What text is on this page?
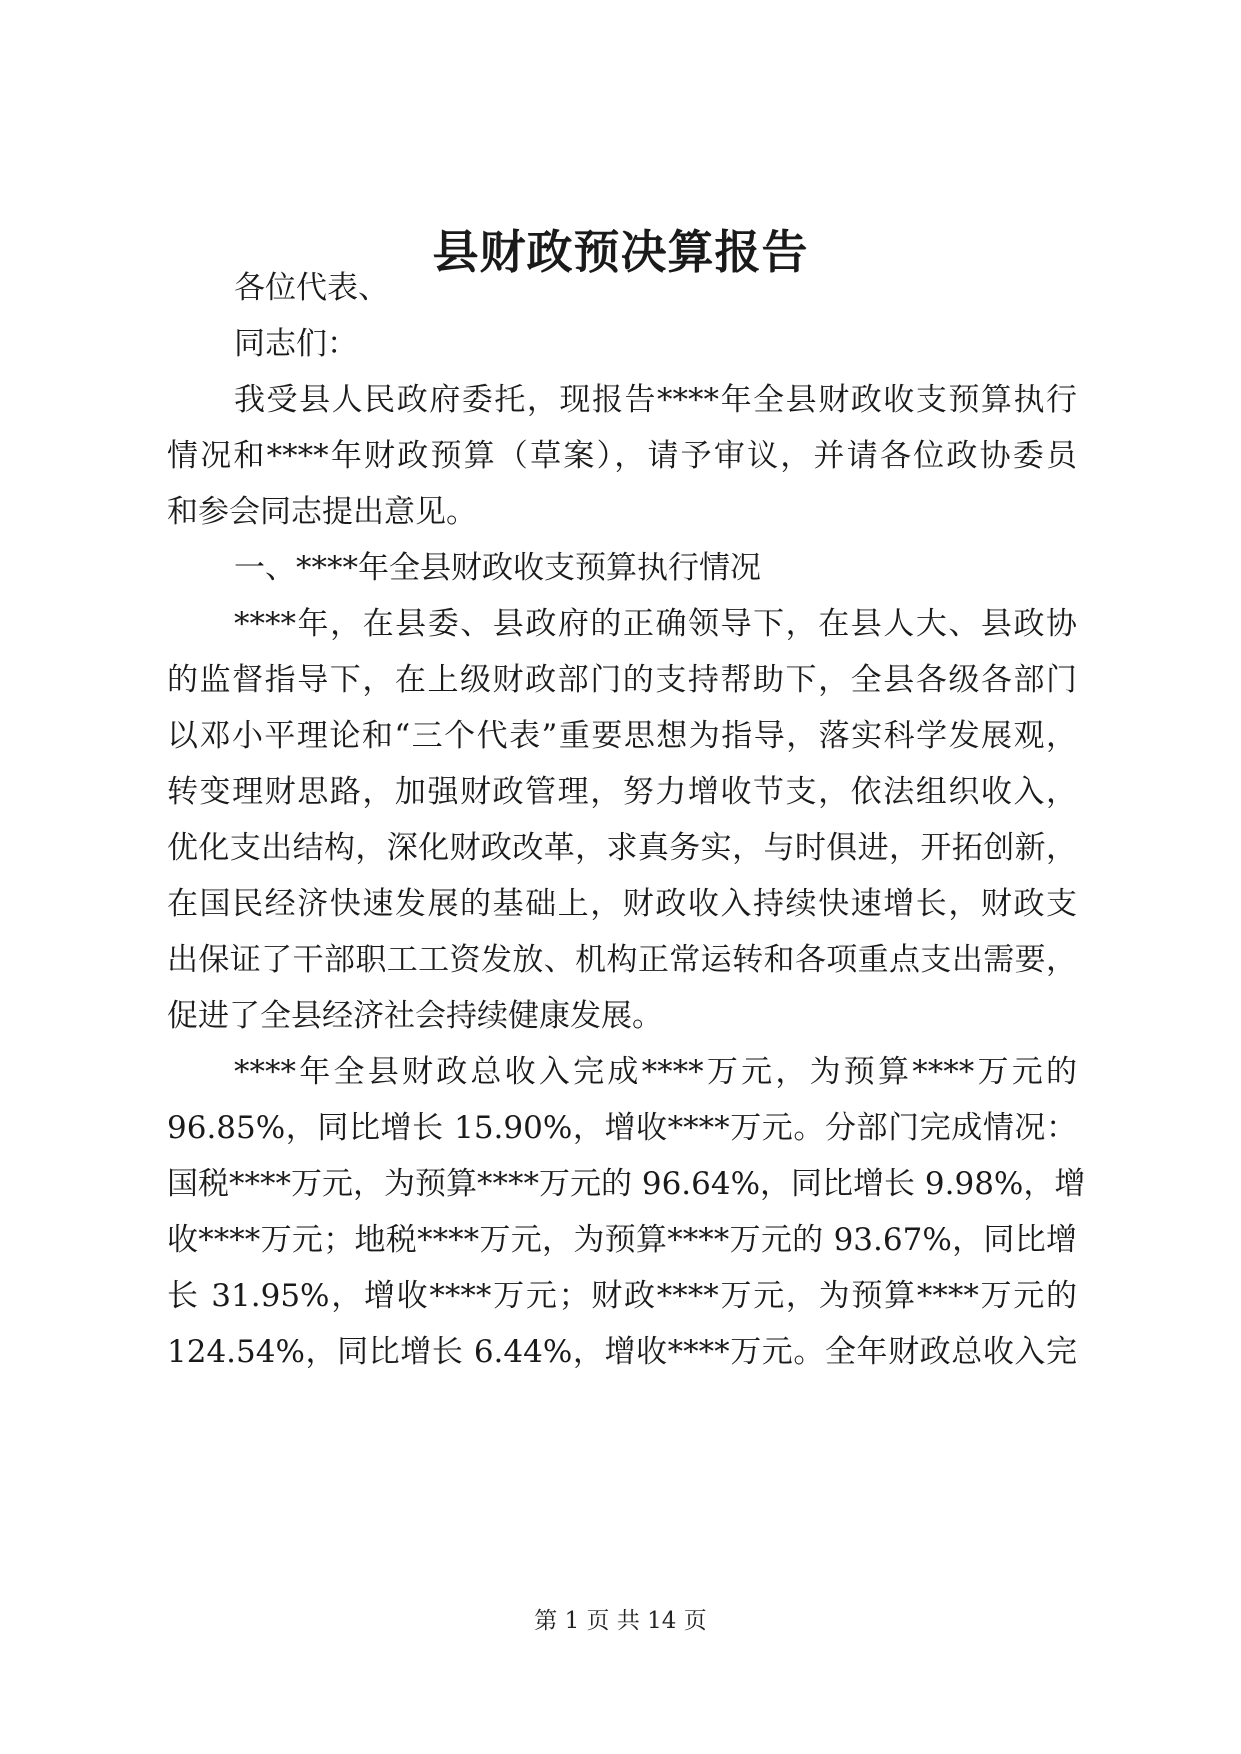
县财政预决算报告
各位代表、
同志们：
我受县人民政府委托，现报告****年全县财政收支预算执行
情况和****年财政预算（草案），请予审议，并请各位政协委员
和参会同志提出意见。
一、****年全县财政收支预算执行情况
****年，在县委、县政府的正确领导下，在县人大、县政协
的监督指导下，在上级财政部门的支持帮助下，全县各级各部门
以邓小平理论和“三个代表”重要思想为指导，落实科学发展观，
转变理财思路，加强财政管理，努力增收节支，依法组织收入，
优化支出结构，深化财政改革，求真务实，与时俱进，开拓创新，
在国民经济快速发展的基础上，财政收入持续快速增长，财政支
出保证了干部职工工资发放、机构正常运转和各项重点支出需要，
促进了全县经济社会持续健康发展。
****年全县财政总收入完成****万元，为预算****万元的
96.85%，同比增长 15.90%，增收****万元。分部门完成情况：
国税****万元，为预算****万元的 96.64%，同比增长 9.98%，增
收****万元；地税****万元，为预算****万元的 93.67%，同比增
长 31.95%，增收****万元；财政****万元，为预算****万元的
124.54%，同比增长 6.44%，增收****万元。全年财政总收入完
第 1 页 共 14 页
